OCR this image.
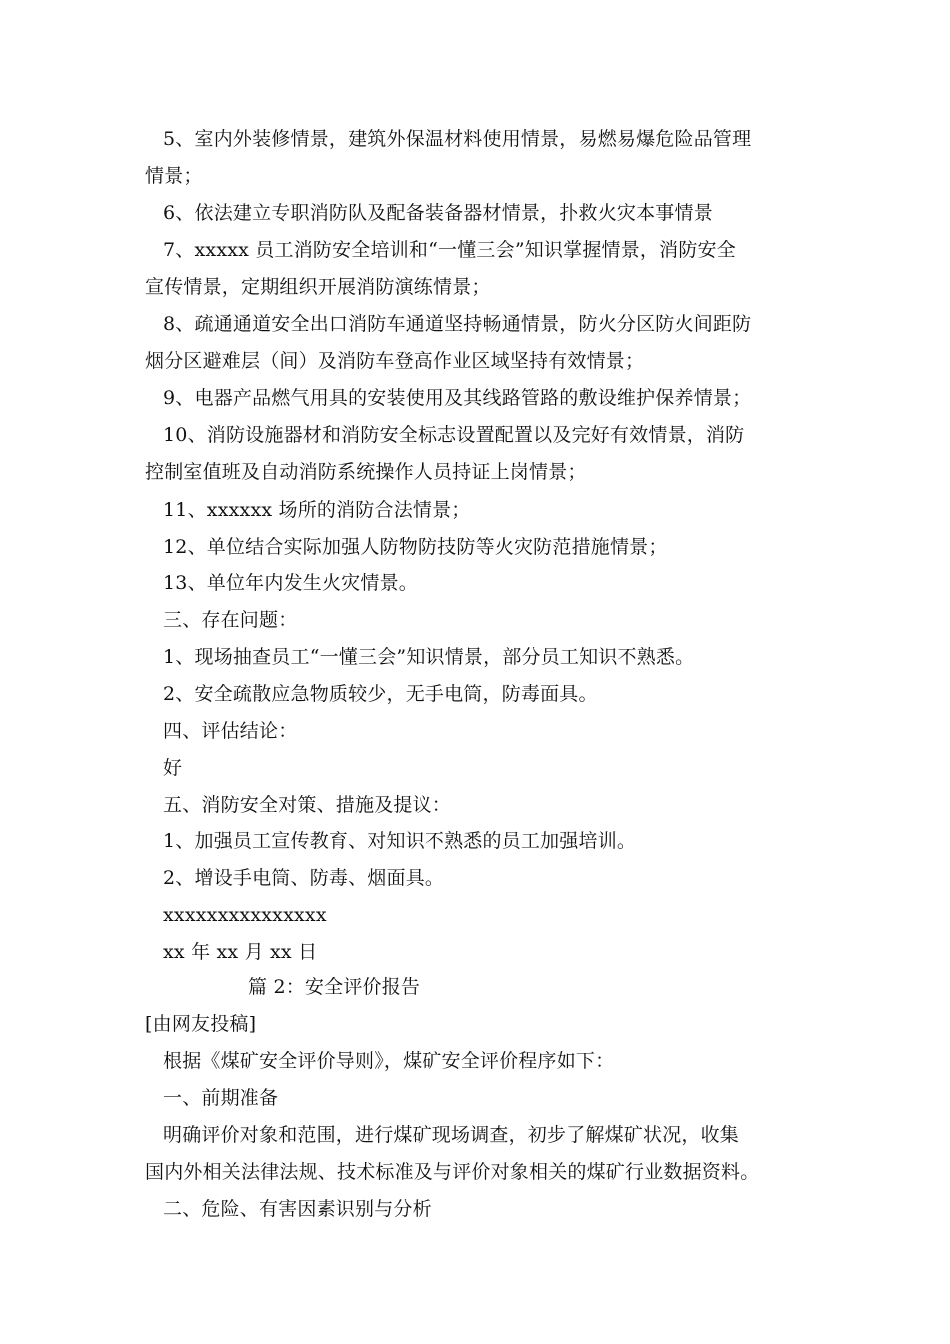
5、室内外装修情景，建筑外保温材料使用情景，易燃易爆危险品管理
情景；
6、依法建立专职消防队及配备装备器材情景，扑救火灾本事情景
7、xxxxx 员工消防安全培训和“一懂三会”知识掌握情景，消防安全
宣传情景，定期组织开展消防演练情景；
8、疏通通道安全出口消防车通道坚持畅通情景，防火分区防火间距防
烟分区避难层（间）及消防车登高作业区域坚持有效情景；
9、电器产品燃气用具的安装使用及其线路管路的敷设维护保养情景；
10、消防设施器材和消防安全标志设置配置以及完好有效情景，消防
控制室值班及自动消防系统操作人员持证上岗情景；
11、xxxxxx 场所的消防合法情景；
12、单位结合实际加强人防物防技防等火灾防范措施情景；
13、单位年内发生火灾情景。
三、存在问题：
1、现场抽查员工“一懂三会”知识情景，部分员工知识不熟悉。
2、安全疏散应急物质较少，无手电筒，防毒面具。
四、评估结论：
好
五、消防安全对策、措施及提议：
1、加强员工宣传教育、对知识不熟悉的员工加强培训。
2、增设手电筒、防毒、烟面具。
xxxxxxxxxxxxxxx
xx 年 xx 月 xx 日
篇 2：安全评价报告
[由网友投稿]
根据《煤矿安全评价导则》，煤矿安全评价程序如下：
一、前期准备
明确评价对象和范围，进行煤矿现场调查，初步了解煤矿状况，收集
国内外相关法律法规、技术标准及与评价对象相关的煤矿行业数据资料。
二、危险、有害因素识别与分析
